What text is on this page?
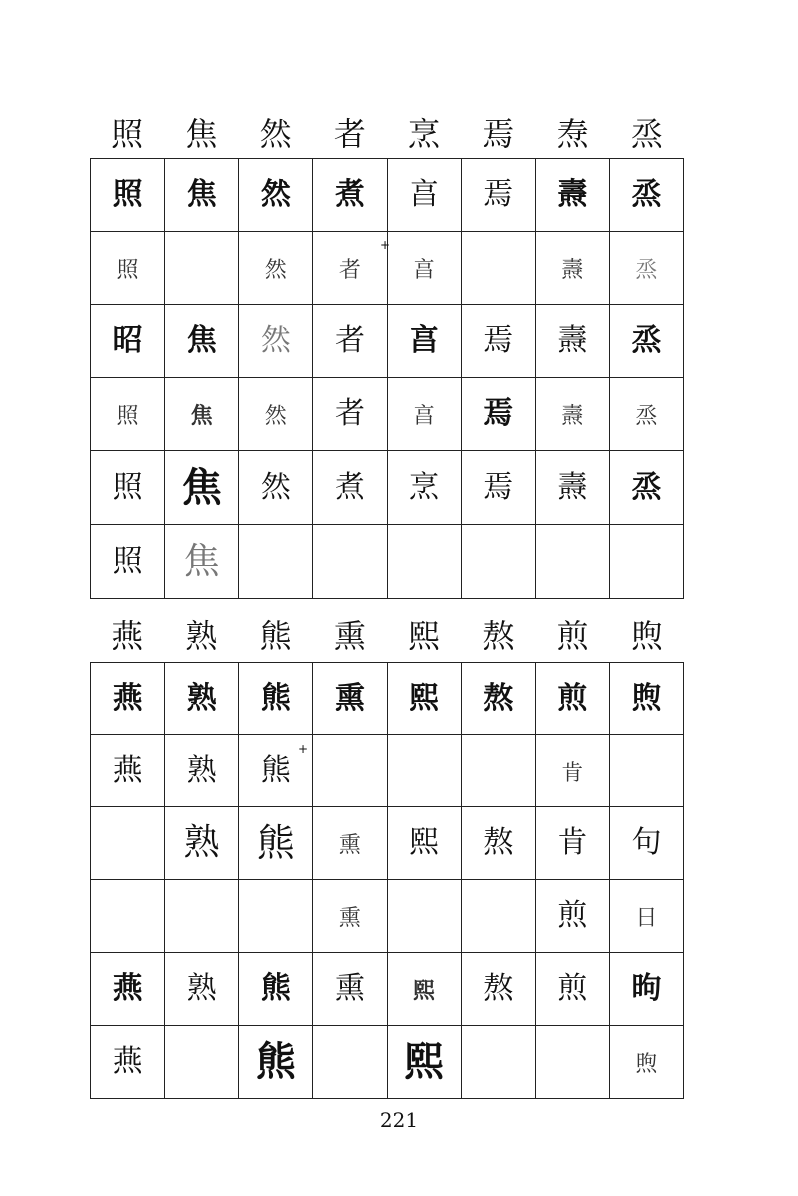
照	焦	然	者	烹	焉	焘	烝
照	焦	然	煮	亯	焉	燾	烝
照		然	者	亯		燾	烝
昭	焦	然	者	亯	焉	燾	烝
照	焦	然	者	亯	焉	燾	烝
照	焦	然	煮	烹	焉	燾	烝
照	焦						
+
燕	熟	熊	熏	熙	熬	煎	煦
燕	熟	熊	熏	熙	熬	煎	煦
燕	熟	熊				肯	
	熟	熊	熏	熙	熬	肯	句
			熏			煎	日
燕	熟	熊	熏	熙	熬	煎	昫
燕		熊		熙			煦
+
221
